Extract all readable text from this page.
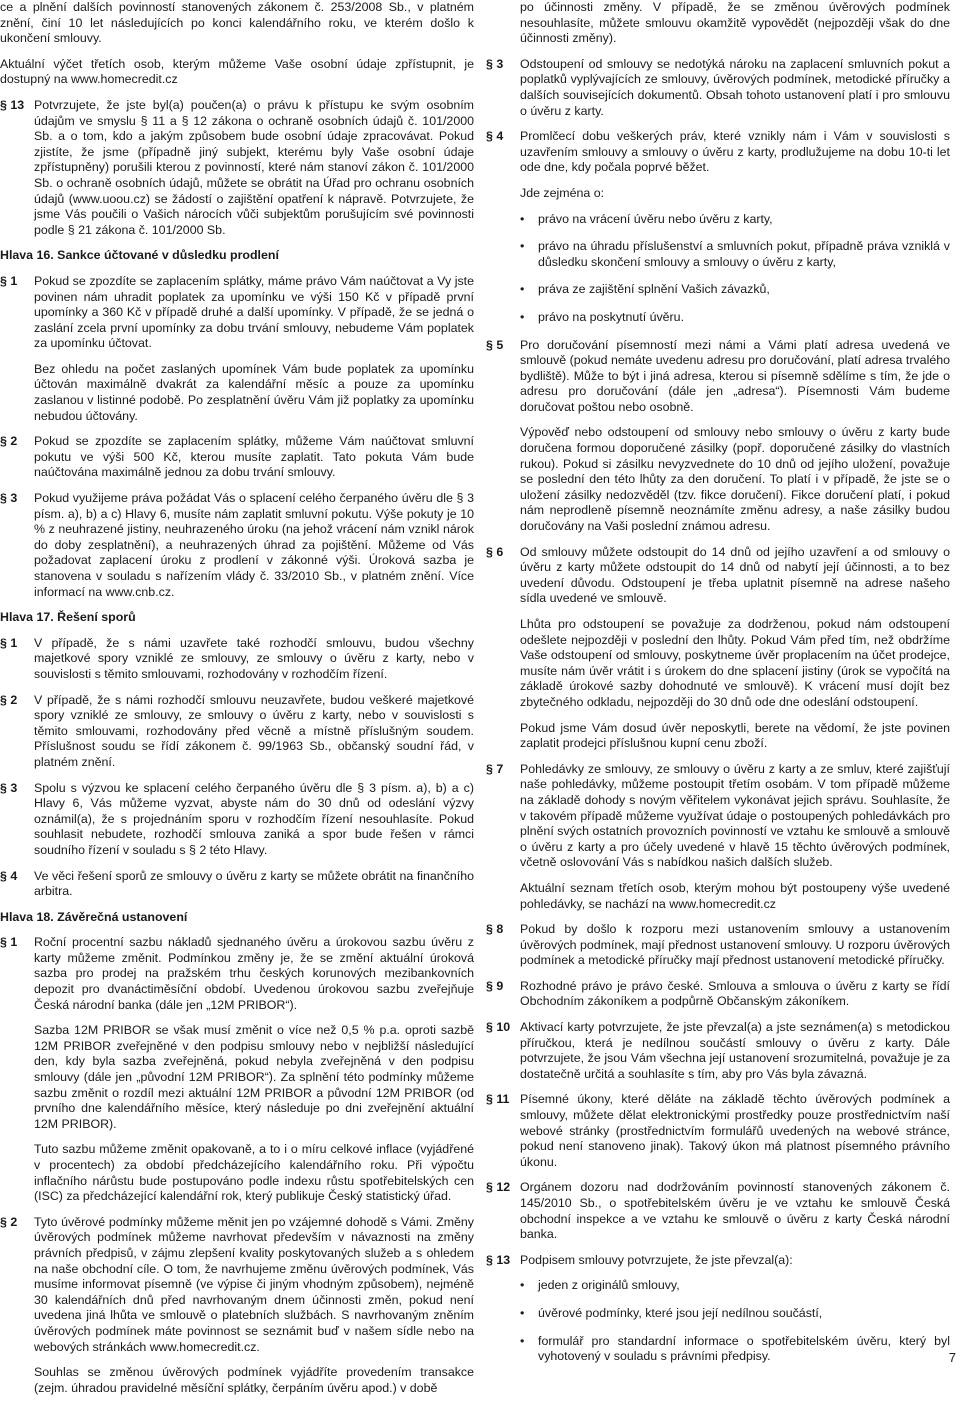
ce a plnění dalších povinností stanovených zákonem č. 253/2008 Sb., v platném znění, činí 10 let následujících po konci kalendářního roku, ve kterém došlo k ukončení smlouvy.

Aktuální výčet třetích osob, kterým můžeme Vaše osobní údaje zpřístupnit, je dostupný na www.homecredit.cz

§ 13 Potvrzujete, že jste byl(a) poučen(a) o právu k přístupu ke svým osobním údajům ve smyslu § 11 a § 12 zákona o ochraně osobních údajů č. 101/2000 Sb. a o tom, kdo a jakým způsobem bude osobní údaje zpracovávat. Pokud zjistíte, že jsme (případně jiný subjekt, kterému byly Vaše osobní údaje zpřístupněny) porušili kterou z povinností, které nám stanoví zákon č. 101/2000 Sb. o ochraně osobních údajů, můžete se obrátit na Úřad pro ochranu osobních údajů (www.uoou.cz) se žádostí o zajištění opatření k nápravě. Potvrzujete, že jsme Vás poučili o Vašich nárocích vůči subjektům porušujícím své povinnosti podle § 21 zákona č. 101/2000 Sb.
Hlava 16. Sankce účtované v důsledku prodlení
§ 1 Pokud se zpozdíte se zaplacením splátky, máme právo Vám naúčtovat a Vy jste povinen nám uhradit poplatek za upomínku ve výši 150 Kč v případě první upomínky a 360 Kč v případě druhé a další upomínky. V případě, že se jedná o zaslání zcela první upomínky za dobu trvání smlouvy, nebudeme Vám poplatek za upomínku účtovat.

Bez ohledu na počet zaslaných upomínek Vám bude poplatek za upomínku účtován maximálně dvakrát za kalendářní měsíc a pouze za upomínku zaslanou v listinné podobě. Po zesplatnění úvěru Vám již poplatky za upomínku nebudou účtovány.

§ 2 Pokud se zpozdíte se zaplacením splátky, můžeme Vám naúčtovat smluvní pokutu ve výši 500 Kč, kterou musíte zaplatit. Tato pokuta Vám bude naúčtována maximálně jednou za dobu trvání smlouvy.
§ 3 Pokud využijeme práva požádat Vás o splacení celého čerpaného úvěru dle § 3 písm. a), b) a c) Hlavy 6, musíte nám zaplatit smluvní pokutu. Výše pokuty je 10 % z neuhrazené jistiny, neuhrazeného úroku (na jehož vrácení nám vznikl nárok do doby zesplatnění), a neuhrazených úhrad za pojištění. Můžeme od Vás požadovat zaplacení úroku z prodlení v zákonné výši. Úroková sazba je stanovena v souladu s nařízením vlády č. 33/2010 Sb., v platném znění. Více informací na www.cnb.cz.
Hlava 17. Řešení sporů
§ 1 V případě, že s námi uzavřete také rozhodčí smlouvu, budou všechny majetkové spory vzniklé ze smlouvy, ze smlouvy o úvěru z karty, nebo v souvislosti s těmito smlouvami, rozhodovány v rozhodčím řízení.
§ 2 V případě, že s námi rozhodčí smlouvu neuzavřete, budou veškeré majetkové spory vzniklé ze smlouvy, ze smlouvy o úvěru z karty, nebo v souvislosti s těmito smlouvami, rozhodovány před věcně a místně příslušným soudem. Příslušnost soudu se řídí zákonem č. 99/1963 Sb., občanský soudní řád, v platném znění.
§ 3 Spolu s výzvou ke splacení celého čerpaného úvěru dle § 3 písm. a), b) a c) Hlavy 6, Vás můžeme vyzvat, abyste nám do 30 dnů od odeslání výzvy oznámil(a), že s projednáním sporu v rozhodčím řízení nesouhlasíte. Pokud souhlasit nebudete, rozhodčí smlouva zaniká a spor bude řešen v rámci soudního řízení v souladu s § 2 této Hlavy.
§ 4 Ve věci řešení sporů ze smlouvy o úvěru z karty se můžete obrátit na finančního arbitra.
Hlava 18. Závěrečná ustanovení
§ 1 Roční procentní sazbu nákladů sjednaného úvěru a úrokovou sazbu úvěru z karty můžeme změnit. Podmínkou změny je, že se změní aktuální úroková sazba pro prodej na pražském trhu českých korunových mezibankovních depozit pro dvanáctiměsíční období. Uvedenou úrokovou sazbu zveřejňuje Česká národní banka (dále jen „12M PRIBOR“).

Sazba 12M PRIBOR se však musí změnit o více než 0,5 % p.a. oproti sazbě 12M PRIBOR zveřejněné v den podpisu smlouvy nebo v nejbližší následující den, kdy byla sazba zveřejněná, pokud nebyla zveřejněná v den podpisu smlouvy (dále jen „původní 12M PRIBOR“). Za splnění této podmínky můžeme sazbu změnit o rozdíl mezi aktuální 12M PRIBOR a původní 12M PRIBOR (od prvního dne kalendářního měsíce, který následuje po dni zveřejnění aktuální 12M PRIBOR).

Tuto sazbu můžeme změnit opakovaně, a to i o míru celkové inflace (vyjádřené v procentech) za období předcházejícího kalendářního roku. Při výpočtu inflačního nárůstu bude postupováno podle indexu růstu spotřebitelských cen (ISC) za předcházející kalendářní rok, který publikuje Český statistický úřad.

§ 2 Tyto úvěrové podmínky můžeme měnit jen po vzájemné dohodě s Vámi. Změny úvěrových podmínek můžeme navrhovat především v návaznosti na změny právních předpisů, v zájmu zlepšení kvality poskytovaných služeb a s ohledem na naše obchodní cíle. O tom, že navrhujeme změnu úvěrových podmínek, Vás musíme informovat písemně (ve výpise či jiným vhodným způsobem), nejméně 30 kalendářních dnů před navrhovaným dnem účinnosti změn, pokud není uvedena jiná lhůta ve smlouvě o platebních službách. S navrhovaným zněním úvěrových podmínek máte povinnost se seznámit buď v našem sídle nebo na webových stránkách www.homecredit.cz.

Souhlas se změnou úvěrových podmínek vyjádříte provedením transakce (zejm. úhradou pravidelné měsíční splátky, čerpáním úvěru apod.) v době

po účinnosti změny. V případě, že se změnou úvěrových podmínek nesouhlasíte, můžete smlouvu okamžitě vypovědět (nejpozději však do dne účinnosti změny).

§ 3 Odstoupení od smlouvy se nedotýká nároku na zaplacení smluvních pokut a poplatků vyplývajících ze smlouvy, úvěrových podmínek, metodické příručky a dalších souvisejících dokumentů. Obsah tohoto ustanovení platí i pro smlouvu o úvěru z karty.
§ 4 Promlčecí dobu veškerých práv, které vznikly nám i Vám v souvislosti s uzavřením smlouvy a smlouvy o úvěru z karty, prodlužujeme na dobu 10-ti let ode dne, kdy počala poprvé běžet.

Jde zejména o:

• právo na vrácení úvěru nebo úvěru z karty,
• právo na úhradu příslušenství a smluvních pokut, případně práva vzniklá v důsledku skončení smlouvy a smlouvy o úvěru z karty,
• práva ze zajištění splnění Vašich závazků,
• právo na poskytnutí úvěru.
§ 5 Pro doručování písemností mezi námi a Vámi platí adresa uvedená ve smlouvě (pokud nemáte uvedenu adresu pro doručování, platí adresa trvalého bydliště). Může to být i jiná adresa, kterou si písemně sdělíme s tím, že jde o adresu pro doručování (dále jen „adresa“). Písemnosti Vám budeme doručovat poštou nebo osobně.

Výpověď nebo odstoupení od smlouvy nebo smlouvy o úvěru z karty bude doručena formou doporučené zásilky (popř. doporučené zásilky do vlastních rukou). Pokud si zásilku nevyzvednete do 10 dnů od jejího uložení, považuje se poslední den této lhůty za den doručení. To platí i v případě, že jste se o uložení zásilky nedozvěděl (tzv. fikce doručení). Fikce doručení platí, i pokud nám neprodleně písemně neoznámíte změnu adresy, a naše zásilky budou doručovány na Vaši poslední známou adresu.

§ 6 Od smlouvy můžete odstoupit do 14 dnů od jejího uzavření a od smlouvy o úvěru z karty můžete odstoupit do 14 dnů od nabytí její účinnosti, a to bez uvedení důvodu. Odstoupení je třeba uplatnit písemně na adrese našeho sídla uvedené ve smlouvě.

Lhůta pro odstoupení se považuje za dodrženou, pokud nám odstoupení odešlete nejpozději v poslední den lhůty. Pokud Vám před tím, než obdržíme Vaše odstoupení od smlouvy, poskytneme úvěr proplacením na účet prodejce, musíte nám úvěr vrátit i s úrokem do dne splacení jistiny (úrok se vypočítá na základě úrokové sazby dohodnuté ve smlouvě). K vrácení musí dojít bez zbytečného odkladu, nejpozději do 30 dnů ode dne odeslání odstoupení.

Pokud jsme Vám dosud úvěr neposkytli, berete na vědomí, že jste povinen zaplatit prodejci příslušnou kupní cenu zboží.

§ 7 Pohledávky ze smlouvy, ze smlouvy o úvěru z karty a ze smluv, které zajišťují naše pohledávky, můžeme postoupit třetím osobám. V tom případě můžeme na základě dohody s novým věřitelem vykonávat jejich správu. Souhlasíte, že v takovém případě můžeme využívat údaje o postoupených pohledávkách pro plnění svých ostatních provozních povinností ve vztahu ke smlouvě a smlouvě o úvěru z karty a pro účely uvedené v hlavě 15 těchto úvěrových podmínek, včetně oslovování Vás s nabídkou našich dalších služeb.

Aktuální seznam třetích osob, kterým mohou být postoupeny výše uvedené pohledávky, se nachází na www.homecredit.cz

§ 8 Pokud by došlo k rozporu mezi ustanovením smlouvy a ustanovením úvěrových podmínek, mají přednost ustanovení smlouvy. U rozporu úvěrových podmínek a metodické příručky mají přednost ustanovení metodické příručky.
§ 9 Rozhodné právo je právo české. Smlouva a smlouva o úvěru z karty se řídí Obchodním zákoníkem a podpůrně Občanským zákoníkem.
§ 10 Aktivací karty potvrzujete, že jste převzal(a) a jste seznámen(a) s metodickou příručkou, která je nedílnou součástí smlouvy o úvěru z karty. Dále potvrzujete, že jsou Vám všechna její ustanovení srozumitelná, považuje je za dostatečně určitá a souhlasíte s tím, aby pro Vás byla závazná.
§ 11 Písemné úkony, které děláte na základě těchto úvěrových podmínek a smlouvy, můžete dělat elektronickými prostředky pouze prostřednictvím naší webové stránky (prostřednictvím formulářů uvedených na webové stránce, pokud není stanoveno jinak). Takový úkon má platnost písemného právního úkonu.
§ 12 Orgánem dozoru nad dodržováním povinností stanovených zákonem č. 145/2010 Sb., o spotřebitelském úvěru je ve vztahu ke smlouvě Česká obchodní inspekce a ve vztahu ke smlouvě o úvěru z karty Česká národní banka.
§ 13 Podpisem smlouvy potvrzujete, že jste převzal(a):
• jeden z originálů smlouvy,
• úvěrové podmínky, které jsou její nedílnou součástí,
• formulář pro standardní informace o spotřebitelském úvěru, který byl vyhotovený v souladu s právními předpisy.	7
